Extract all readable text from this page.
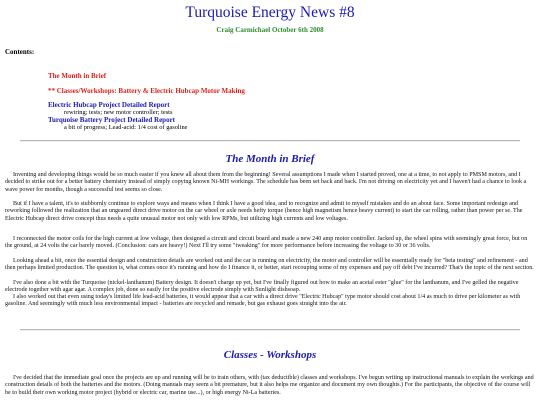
Turquoise Energy News #8
Craig Carmichael October 6th 2008
Contents:
The Month in Brief
** Classes/Workshops: Battery & Electric Hubcap Motor Making
Electric Hubcap Project Detailed Report
rewiring; tests; new motor controller; tests
Turquoise Battery Project Detailed Report
a bit of progress; Lead-acid: 1/4 cost of gasoline
The Month in Brief

Inventing and developing things would be so much easier if you knew all about them from the beginning! Several assumptions I made when I started proved, one at a time, to not apply to PMSM motors, and I decided to strike out for a better battery chemistry instead of simply copying known Ni-MH workings. The schedule has been set back and back. I'm not driving on electricity yet and I haven't had a chance to look a wave power for months, though a successful test seems so close.

But if I have a talent, it's to stubbornly continue to explore ways and means when I think I have a good idea, and to recognize and admit to myself mistakes and do an about face. Some important redesign and reworking followed the realization that an ungeared direct drive motor on the car wheel or axle needs hefty torque (hence high magnetism hence heavy current) to start the car rolling, rather than power per se. The Electric Hubcap direct drive concept thus needs a quite unusual motor not only with low RPMs, but utilizing high currents and low voltages.

I reconnected the motor coils for the high current at low voltage, then designed a circuit and circuit board and made a new 240 amp motor controller. Jacked up, the wheel spins with seemingly great force, but on the ground, at 24 volts the car barely moved. (Conclusion: cars are heavy!) Next I'll try some "tweaking" for more performance before increasing the voltage to 30 or 36 volts.

Looking ahead a bit, once the essential design and construction details are worked out and the car is running on electricity, the motor and controller will be essentially ready for "beta testing" and refinement - and then perhaps limited production. The question is, what comes once it's running and how do I finance it, or better, start recouping some of my expenses and pay off debt I've incurred? That's the topic of the next section.

I've also done a bit with the Turquoise (nickel-lanthanum) Battery design. It doesn't charge up yet, but I've finally figured out how to make an acetal ester "glue" for the lanthanum, and I've gelled the negative electrode together with agar agar. A complex job, done so easily for the positive electrode simply with Sunlight dishsoap.

I also worked out that even using today's limited life lead-acid batteries, it would appear that a car with a direct drive "Electric Hubcap" type motor should cost about 1/4 as much to drive per kilometer as with gasoline. And seemingly with much less environmental impact - batteries are recycled and remade, but gas exhaust goes straight into the air.

Classes - Workshops

I've decided that the immediate goal once the projects are up and running will be to train others, with (tax deductible) classes and workshops. I've begun writing up instructional manuals to explain the workings and construction details of both the batteries and the motors. (Doing manuals may seem a bit premature, but it also helps me organize and document my own thoughts.) For the participants, the objective of the course will be to build their own working motor project (hybrid or electric car, marine use...), or high energy Ni-La batteries.
